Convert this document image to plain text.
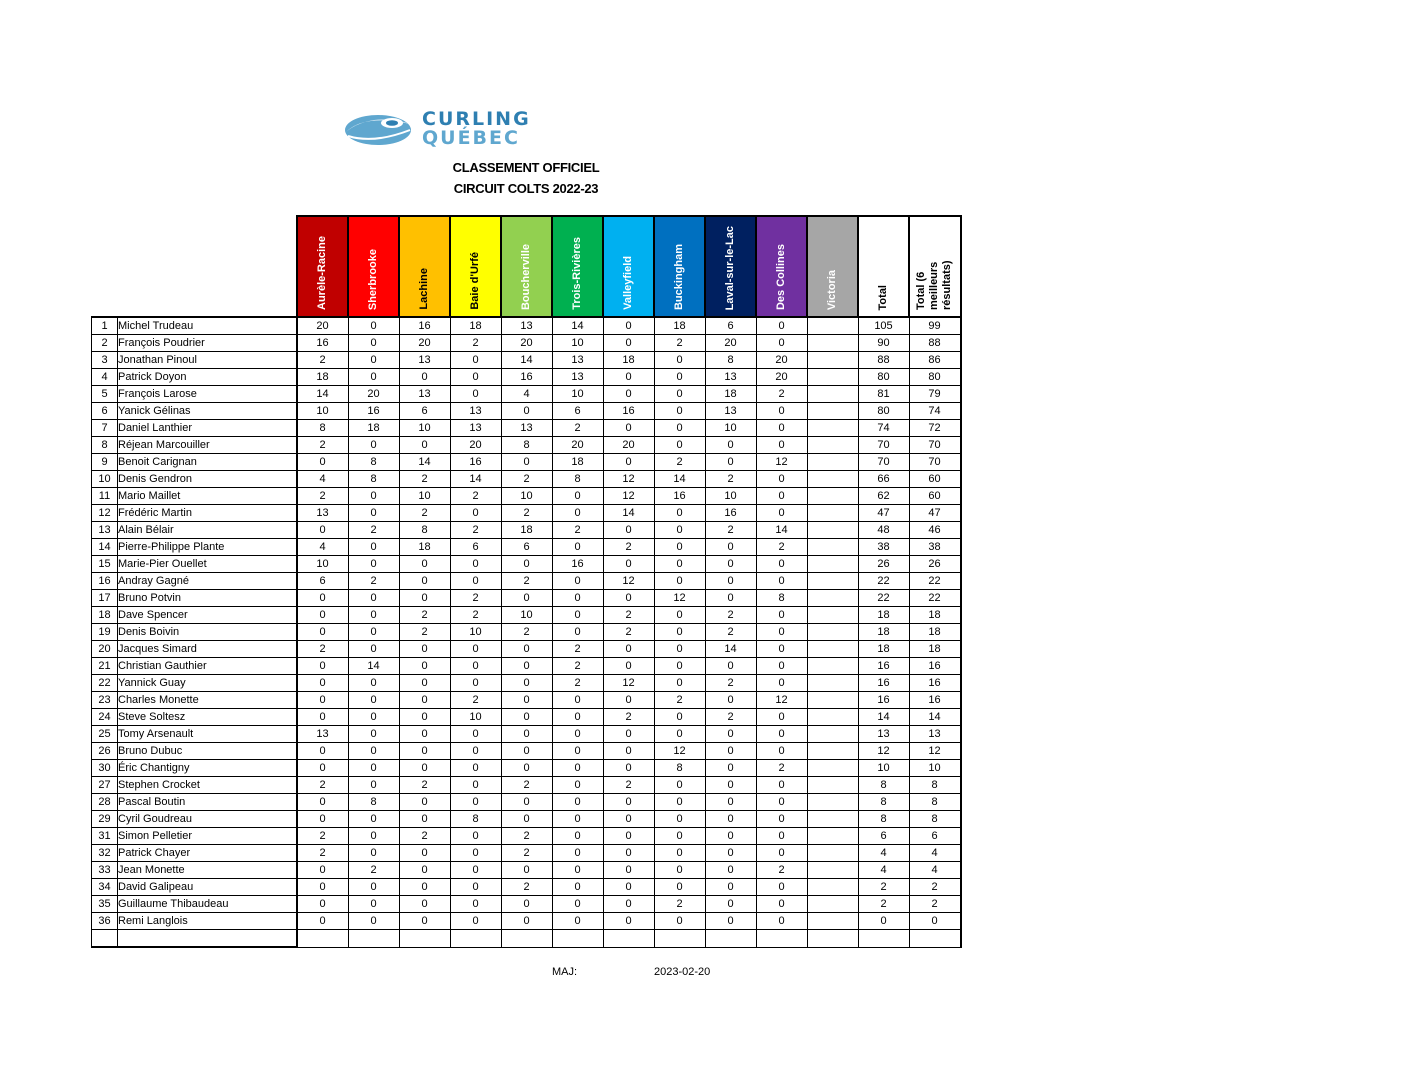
CURLING
QUÉBEC
CLASSEMENT OFFICIEL
CIRCUIT COLTS 2022-23

		Aurèle-Racine	Sherbrooke	Lachine	Baie d'Urfé	Boucherville	Trois-Rivières	Valleyfield	Buckingham	Laval-sur-le-Lac	Des Collines	Victoria	Total	Total (6 meilleurs résultats)

1	Michel Trudeau	20	0	16	18	13	14	0	18	6	0		105	99
2	François Poudrier	16	0	20	2	20	10	0	2	20	0		90	88
3	Jonathan Pinoul	2	0	13	0	14	13	18	0	8	20		88	86
4	Patrick Doyon	18	0	0	0	16	13	0	0	13	20		80	80
5	François Larose	14	20	13	0	4	10	0	0	18	2		81	79
6	Yanick Gélinas	10	16	6	13	0	6	16	0	13	0		80	74
7	Daniel Lanthier	8	18	10	13	13	2	0	0	10	0		74	72
8	Réjean Marcouiller	2	0	0	20	8	20	20	0	0	0		70	70
9	Benoit Carignan	0	8	14	16	0	18	0	2	0	12		70	70
10	Denis Gendron	4	8	2	14	2	8	12	14	2	0		66	60
11	Mario Maillet	2	0	10	2	10	0	12	16	10	0		62	60
12	Frédéric Martin	13	0	2	0	2	0	14	0	16	0		47	47
13	Alain Bélair	0	2	8	2	18	2	0	0	2	14		48	46
14	Pierre-Philippe Plante	4	0	18	6	6	0	2	0	0	2		38	38
15	Marie-Pier Ouellet	10	0	0	0	0	16	0	0	0	0		26	26
16	Andray Gagné	6	2	0	0	2	0	12	0	0	0		22	22
17	Bruno Potvin	0	0	0	2	0	0	0	12	0	8		22	22
18	Dave Spencer	0	0	2	2	10	0	2	0	2	0		18	18
19	Denis Boivin	0	0	2	10	2	0	2	0	2	0		18	18
20	Jacques Simard	2	0	0	0	0	2	0	0	14	0		18	18
21	Christian Gauthier	0	14	0	0	0	2	0	0	0	0		16	16
22	Yannick Guay	0	0	0	0	0	2	12	0	2	0		16	16
23	Charles Monette	0	0	0	2	0	0	0	2	0	12		16	16
24	Steve Soltesz	0	0	0	10	0	0	2	0	2	0		14	14
25	Tomy Arsenault	13	0	0	0	0	0	0	0	0	0		13	13
26	Bruno Dubuc	0	0	0	0	0	0	0	12	0	0		12	12
30	Éric Chantigny	0	0	0	0	0	0	0	8	0	2		10	10
27	Stephen Crocket	2	0	2	0	2	0	2	0	0	0		8	8
28	Pascal Boutin	0	8	0	0	0	0	0	0	0	0		8	8
29	Cyril Goudreau	0	0	0	8	0	0	0	0	0	0		8	8
31	Simon Pelletier	2	0	2	0	2	0	0	0	0	0		6	6
32	Patrick Chayer	2	0	0	0	2	0	0	0	0	0		4	4
33	Jean Monette	0	2	0	0	0	0	0	0	0	2		4	4
34	David Galipeau	0	0	0	0	2	0	0	0	0	0		2	2
35	Guillaume Thibaudeau	0	0	0	0	0	0	0	2	0	0		2	2
36	Remi Langlois	0	0	0	0	0	0	0	0	0	0		0	0

MAJ:	2023-02-20
